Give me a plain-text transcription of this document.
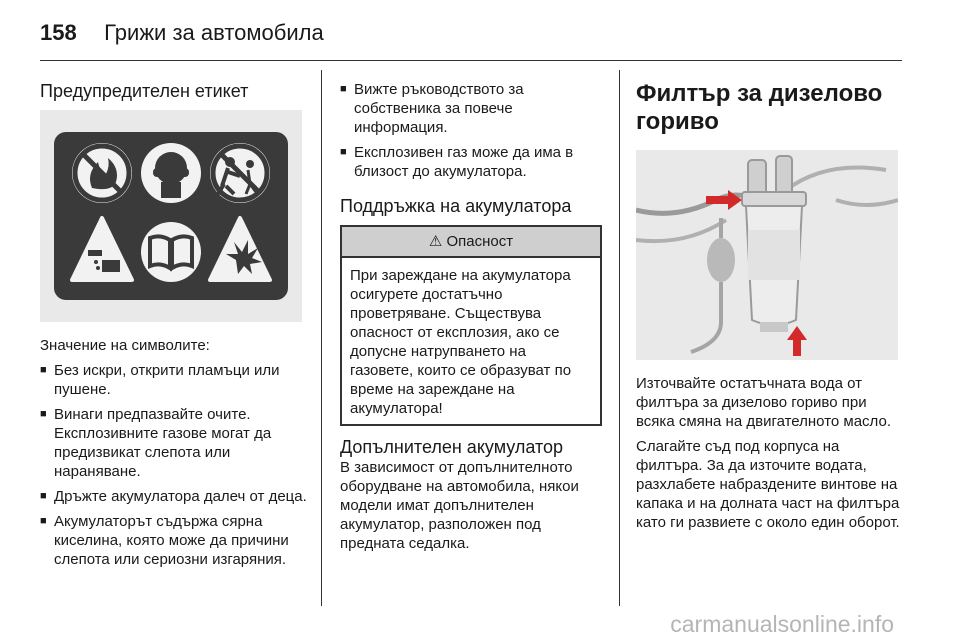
158 Грижи за автомобила
Предупредителен етикет

Значение на символите:

■ Без искри, открити пламъци или пушене.
■ Винаги предпазвайте очите. Експлозивните газове могат да предизвикат слепота или нараняване.
■ Дръжте акумулатора далеч от деца.
■ Акумулаторът съдържа сярна киселина, която може да причини слепота или сериозни изгаряния.
■ Вижте ръководството за собственика за повече информация.
■ Експлозивен газ може да има в близост до акумулатора.
Поддръжка на акумулатора
⚠ Опасност
При зареждане на акумулатора осигурете достатъчно проветряване. Съществува опасност от експлозия, ако се допусне натрупването на газовете, които се образуват по време на зареждане на акумулатора!
Допълнителен акумулатор

В зависимост от допълнителното оборудване на автомобила, някои модели имат допълнителен акумулатор, разположен под предната седалка.

Филтър за дизелово гориво

Източвайте остатъчната вода от филтъра за дизелово гориво при всяка смяна на двигателното масло.

Слагайте съд под корпуса на филтъра. За да източите водата, разхлабете набраздените винтове на капака и на долната част на филтъра като ги развиете с около един оборот.

carmanualsonline.info
